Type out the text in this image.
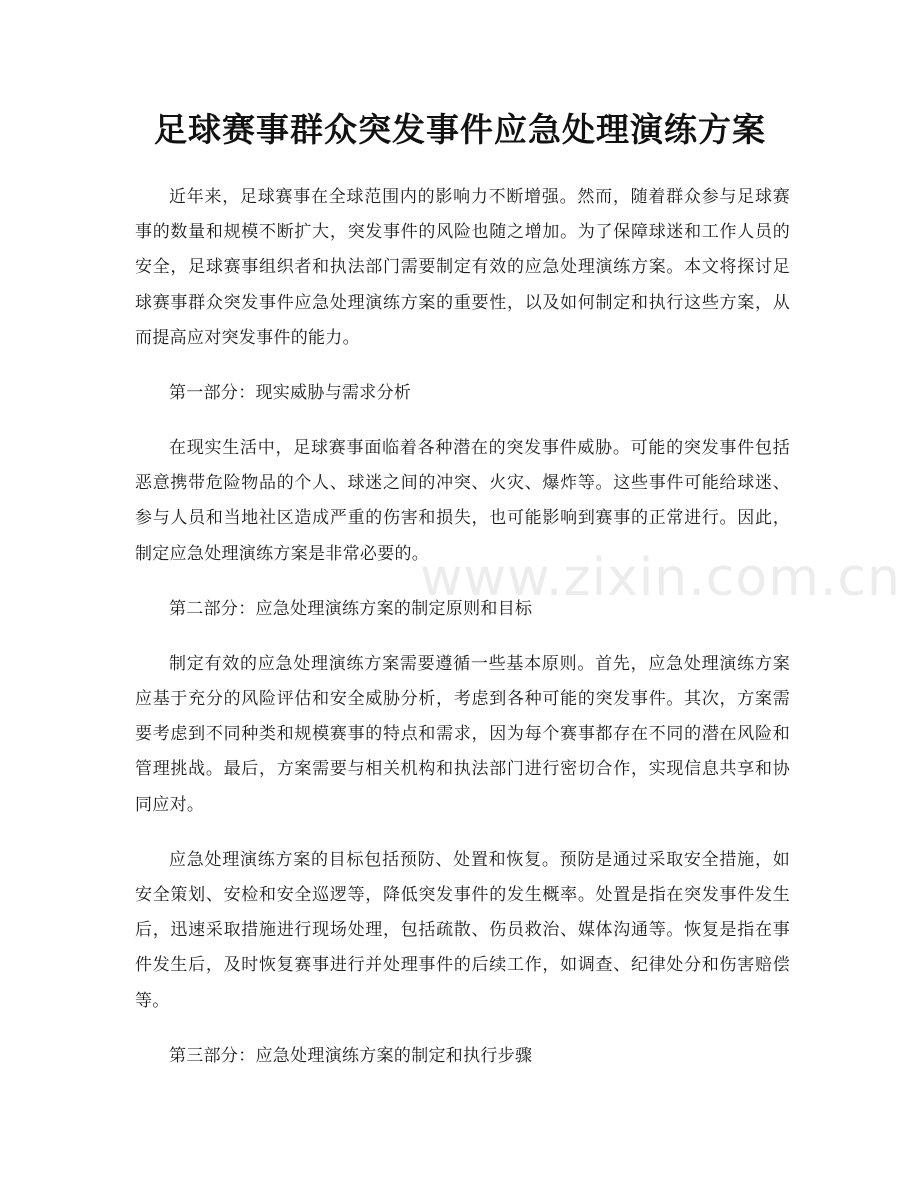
足球赛事群众突发事件应急处理演练方案

近年来，足球赛事在全球范围内的影响力不断增强。然而，随着群众参与足球赛事的数量和规模不断扩大，突发事件的风险也随之增加。为了保障球迷和工作人员的安全，足球赛事组织者和执法部门需要制定有效的应急处理演练方案。本文将探讨足球赛事群众突发事件应急处理演练方案的重要性，以及如何制定和执行这些方案，从而提高应对突发事件的能力。

第一部分：现实威胁与需求分析

在现实生活中，足球赛事面临着各种潜在的突发事件威胁。可能的突发事件包括恶意携带危险物品的个人、球迷之间的冲突、火灾、爆炸等。这些事件可能给球迷、参与人员和当地社区造成严重的伤害和损失，也可能影响到赛事的正常进行。因此，制定应急处理演练方案是非常必要的。

第二部分：应急处理演练方案的制定原则和目标

制定有效的应急处理演练方案需要遵循一些基本原则。首先，应急处理演练方案应基于充分的风险评估和安全威胁分析，考虑到各种可能的突发事件。其次，方案需要考虑到不同种类和规模赛事的特点和需求，因为每个赛事都存在不同的潜在风险和管理挑战。最后，方案需要与相关机构和执法部门进行密切合作，实现信息共享和协同应对。

应急处理演练方案的目标包括预防、处置和恢复。预防是通过采取安全措施，如安全策划、安检和安全巡逻等，降低突发事件的发生概率。处置是指在突发事件发生后，迅速采取措施进行现场处理，包括疏散、伤员救治、媒体沟通等。恢复是指在事件发生后，及时恢复赛事进行并处理事件的后续工作，如调查、纪律处分和伤害赔偿等。

第三部分：应急处理演练方案的制定和执行步骤

www.zixin.com.cn
